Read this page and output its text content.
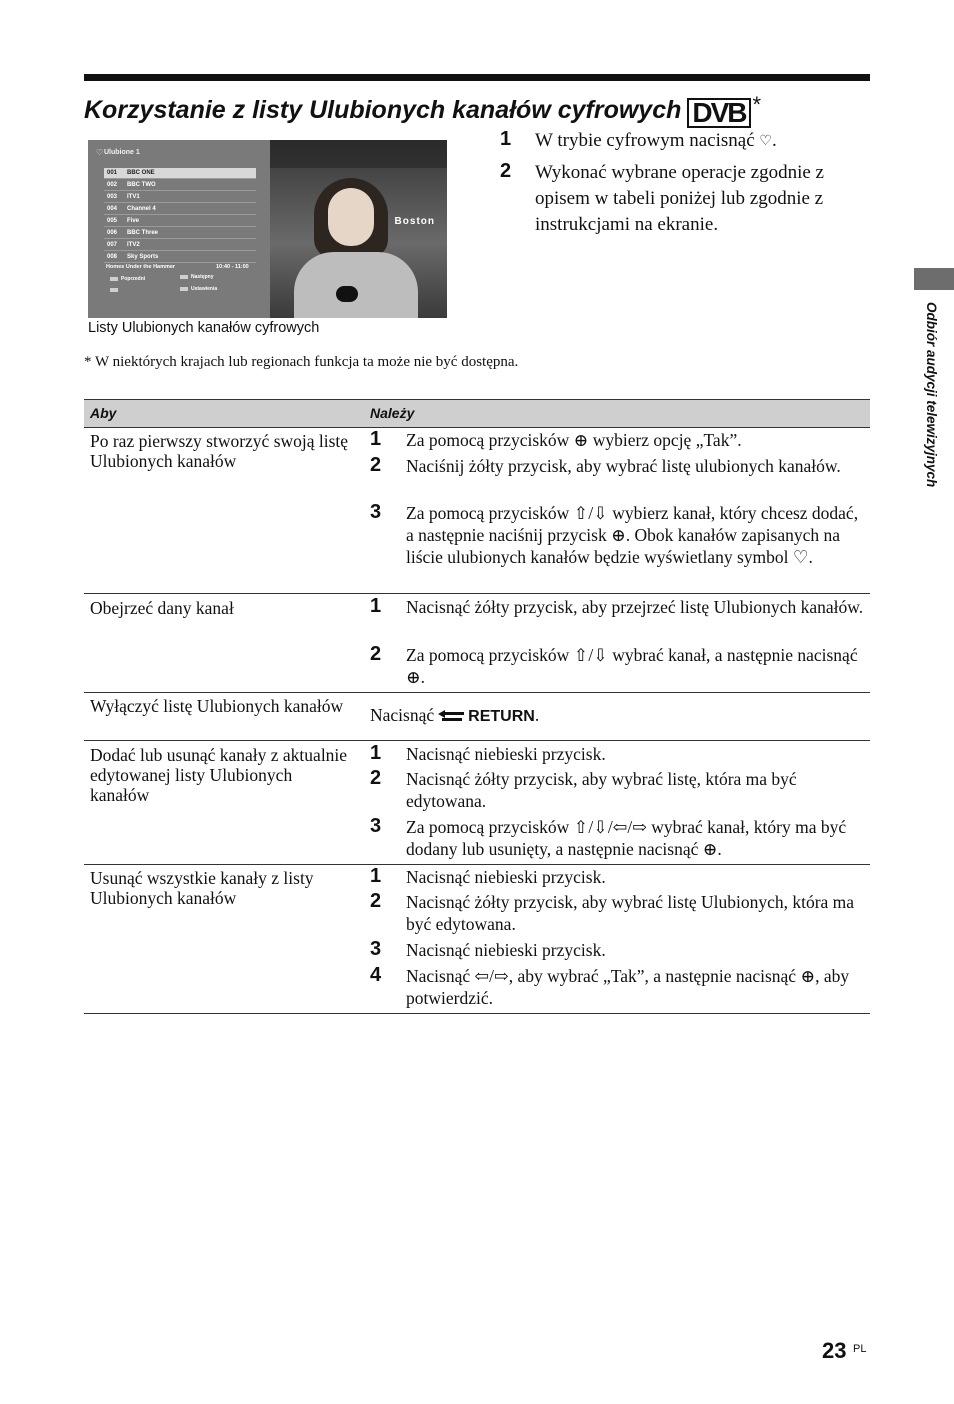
Korzystanie z listy Ulubionych kanałów cyfrowych DVB *
♡ Ulubione 1
001 BBC ONE
002 BBC TWO
003 ITV1
004 Channel 4
005 Five
006 BBC Three
007 ITV2
008 Sky Sports
Homes Under the Hammer	10:40 - 11:00
Poprzedni	Następny
Ustawienia
Boston
Listy Ulubionych kanałów cyfrowych
1 W trybie cyfrowym nacisnąć ♡.
2 Wykonać wybrane operacje zgodnie z opisem w tabeli poniżej lub zgodnie z instrukcjami na ekranie.
* W niektórych krajach lub regionach funkcja ta może nie być dostępna.
Aby	Należy
Po raz pierwszy stworzyć swoją listę Ulubionych kanałów
1 Za pomocą przycisków ⊕ wybierz opcję „Tak”.
2 Naciśnij żółty przycisk, aby wybrać listę ulubionych kanałów.
3 Za pomocą przycisków ⇧/⇩ wybierz kanał, który chcesz dodać, a następnie naciśnij przycisk ⊕. Obok kanałów zapisanych na liście ulubionych kanałów będzie wyświetlany symbol ♡.
Obejrzeć dany kanał	1 Nacisnąć żółty przycisk, aby przejrzeć listę Ulubionych kanałów.
2 Za pomocą przycisków ⇧/⇩ wybrać kanał, a następnie nacisnąć ⊕.
Wyłączyć listę Ulubionych kanałów	Nacisnąć RETURN.
Dodać lub usunąć kanały z aktualnie edytowanej listy Ulubionych kanałów
1 Nacisnąć niebieski przycisk.
2 Nacisnąć żółty przycisk, aby wybrać listę, która ma być edytowana.
3 Za pomocą przycisków ⇧/⇩/⇦/⇨ wybrać kanał, który ma być dodany lub usunięty, a następnie nacisnąć ⊕.
Usunąć wszystkie kanały z listy Ulubionych kanałów
1 Nacisnąć niebieski przycisk.
2 Nacisnąć żółty przycisk, aby wybrać listę Ulubionych, która ma być edytowana.
3 Nacisnąć niebieski przycisk.
4 Nacisnąć ⇦/⇨, aby wybrać „Tak”, a następnie nacisnąć ⊕, aby potwierdzić.
Odbiór audycji telewizyjnych
23 PL
